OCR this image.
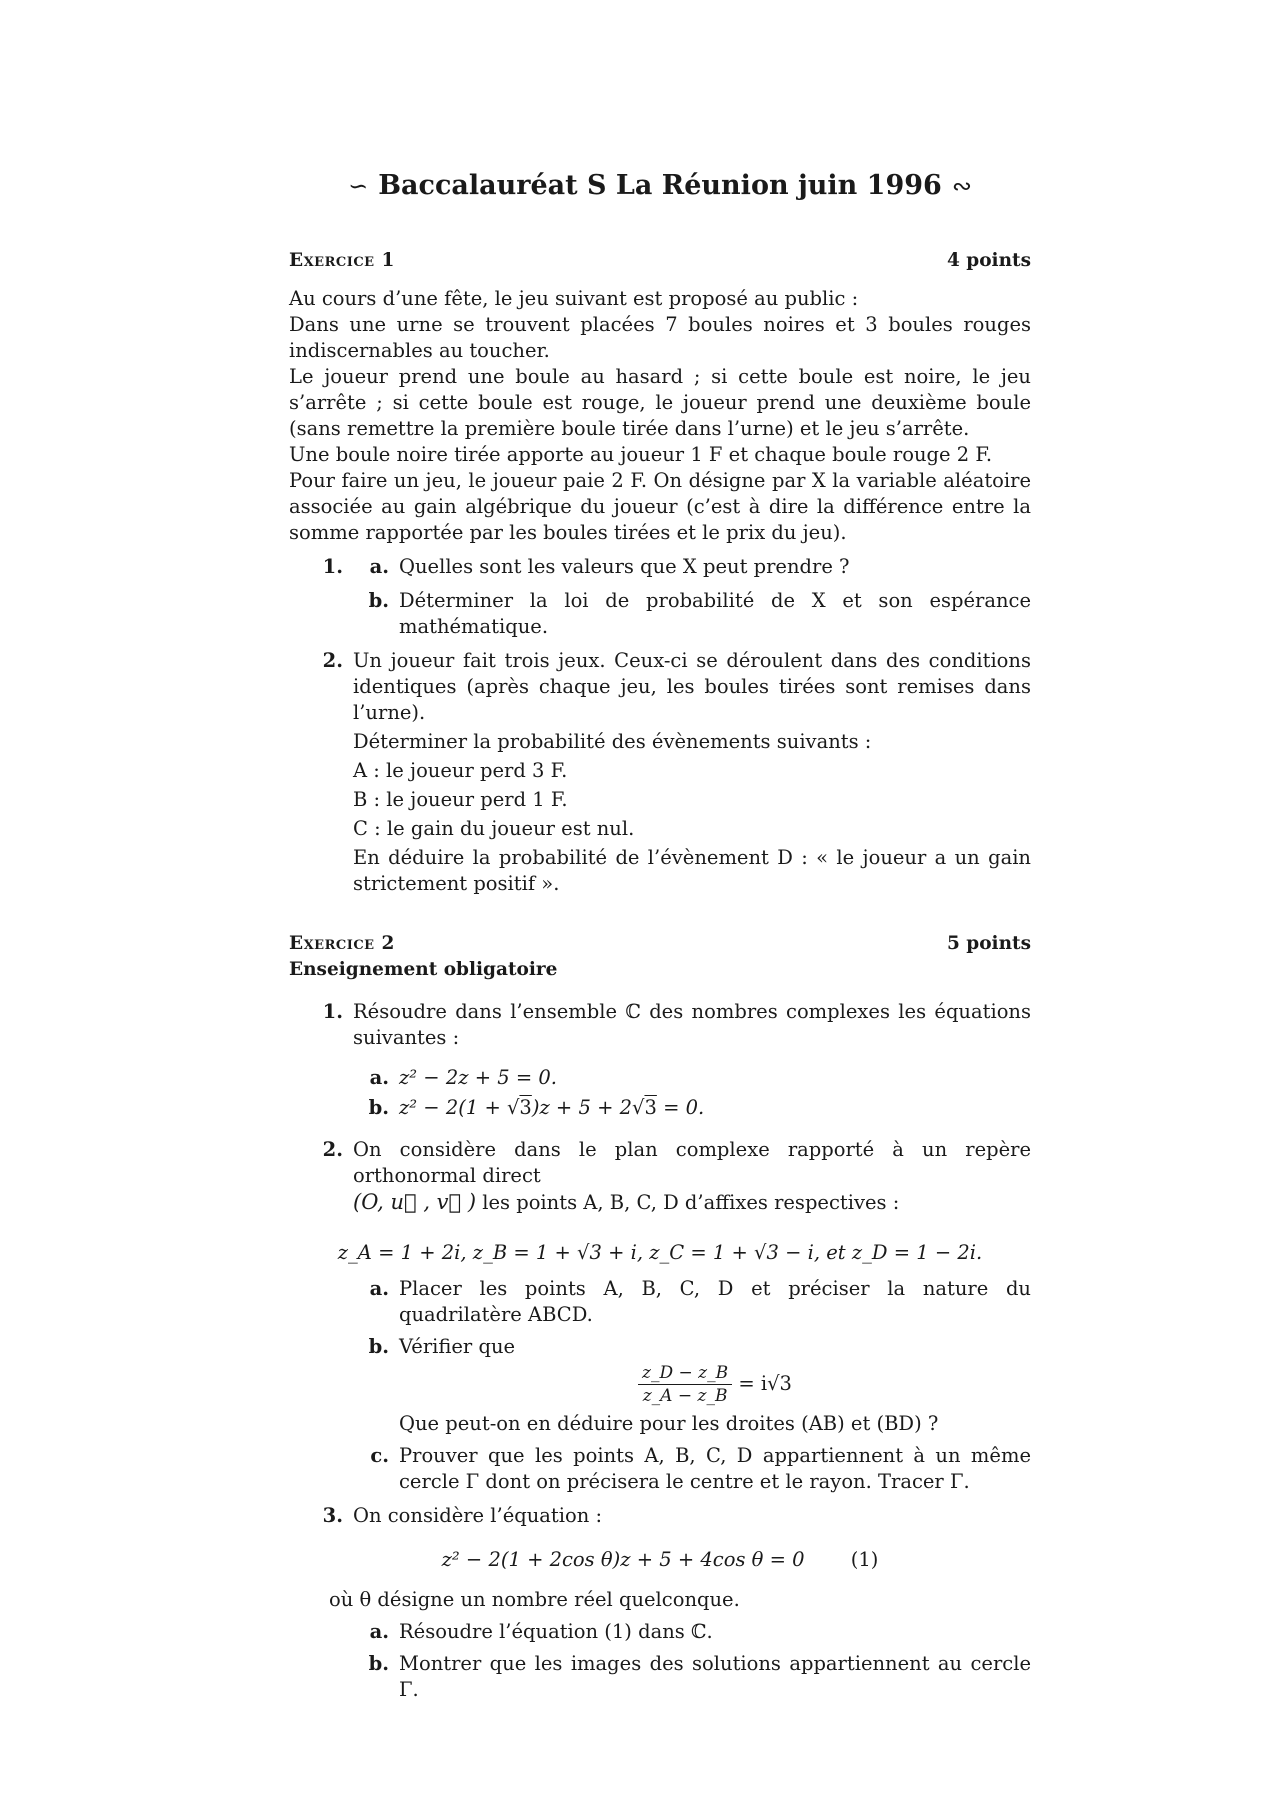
∽ Baccalauréat S La Réunion juin 1996 ∾
Exercice 1	4 points
Au cours d’une fête, le jeu suivant est proposé au public :
Dans une urne se trouvent placées 7 boules noires et 3 boules rouges indiscernables au toucher.
Le joueur prend une boule au hasard ; si cette boule est noire, le jeu s’arrête ; si cette boule est rouge, le joueur prend une deuxième boule (sans remettre la première boule tirée dans l’urne) et le jeu s’arrête.
Une boule noire tirée apporte au joueur 1 F et chaque boule rouge 2 F.
Pour faire un jeu, le joueur paie 2 F. On désigne par X la variable aléatoire associée au gain algébrique du joueur (c’est à dire la différence entre la somme rapportée par les boules tirées et le prix du jeu).
1.	a. Quelles sont les valeurs que X peut prendre ?
b. Déterminer la loi de probabilité de X et son espérance mathématique.
2. Un joueur fait trois jeux. Ceux-ci se déroulent dans des conditions identiques (après chaque jeu, les boules tirées sont remises dans l’urne).
Déterminer la probabilité des évènements suivants :
A : le joueur perd 3 F.
B : le joueur perd 1 F.
C : le gain du joueur est nul.
En déduire la probabilité de l’évènement D : « le joueur a un gain strictement positif ».
Exercice 2	5 points
Enseignement obligatoire
1. Résoudre dans l’ensemble ℂ des nombres complexes les équations suivantes :
a. z² − 2z + 5 = 0.
b. z² − 2(1 + √3)z + 5 + 2√3 = 0.
2. On considère dans le plan complexe rapporté à un repère orthonormal direct
(O, u⃗ , v⃗ ) les points A, B, C, D d’affixes respectives :
z_A = 1 + 2i, z_B = 1 + √3 + i, z_C = 1 + √3 − i, et z_D = 1 − 2i.
a. Placer les points A, B, C, D et préciser la nature du quadrilatère ABCD.
b. Vérifier que
$\frac{z\_D - z\_B}{z\_A - z\_B} = i√3$
Que peut-on en déduire pour les droites (AB) et (BD) ?
c. Prouver que les points A, B, C, D appartiennent à un même cercle Γ dont on précisera le centre et le rayon. Tracer Γ.
3. On considère l’équation :
z² − 2(1 + 2cos θ)z + 5 + 4cos θ = 0 (1)
où θ désigne un nombre réel quelconque.
a. Résoudre l’équation (1) dans ℂ.
b. Montrer que les images des solutions appartiennent au cercle Γ.
